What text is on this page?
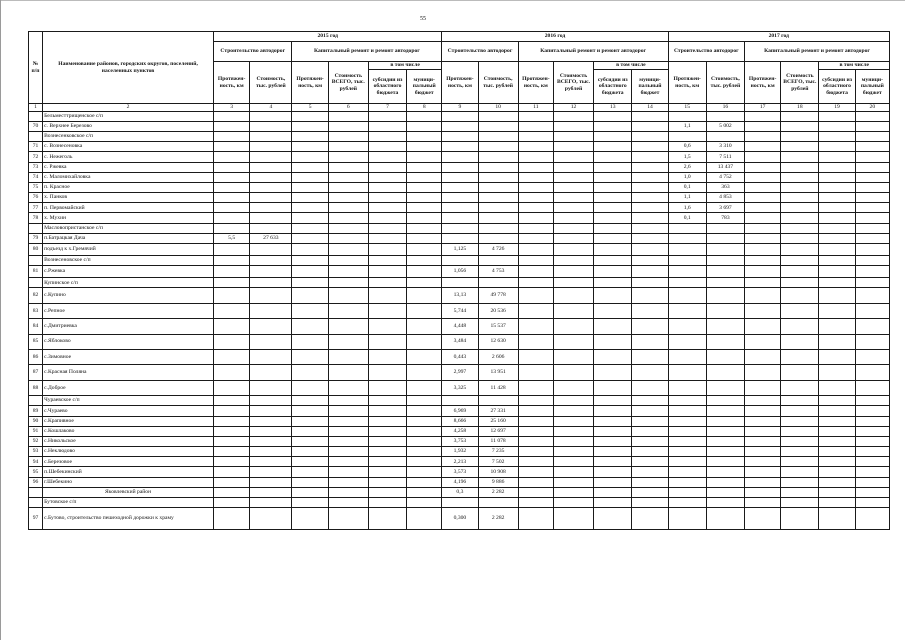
55
№ п/п	Наименование районов, городских округов, поселений, населенных пунктов	2015 год						2016 год						2017 год					
		Строительство автодорог		Капитальный ремонт и ремонт автодорог				Строительство автодорог		Капитальный ремонт и ремонт автодорог				Строительство автодорог		Капитальный ремонт и ремонт автодорог			
		Протяжен-ность, км	Стоимость, тыс. рублей	Протяжен-ность, км	Стоимость ВСЕГО, тыс. рублей	в том числе		Протяжен-ность, км	Стоимость, тыс. рублей	Протяжен-ность, км	Стоимость ВСЕГО, тыс. рублей	в том числе		Протяжен-ность, км	Стоимость, тыс. рублей	Протяжен-ность, км	Стоимость ВСЕГО, тыс. рублей	в том числе	
						субсидии из областного бюджета	муници-пальный бюджет					субсидии из областного бюджета	муници-пальный бюджет					субсидии из областного бюджета	муници-пальный бюджет
1	2	3	4	5	6	7	8	9	10	11	12	13	14	15	16	17	18	19	20
	Бельместтрищенское с/п																		
70	с. Верхнее Березово													1,1	5 002				
	Вознесенковское с/п																		
71	с. Вознесеновка													0,6	3 310				
72	с. Нежеголь													1,5	7 511				
73	с. Ржевка													2,6	13 437				
74	с. Маломихайловка													1,0	4 752				
75	п. Красное													0,1	363				
76	х. Панков													1,1	4 853				
77	п. Первомайский													1,6	3 697				
78	х. Мухин													0,1	783				
	Масловопристанское с/п																		
79	п.Батрацкая Дача	5,5	27 633																
80	подъезд к х.Гремячий							1,125	4 726										
	Вознесеновское с/п																		
81	с.Ржевка							1,056	4 753										
	Купинское с/п																		
82	с.Купино							13,13	49 778										
83	с.Репное							5,744	20 536										
84	с.Дмитриевка							4,448	15 537										
85	с.Яблоково							3,484	12 630										
86	с.Зимовное							0,443	2 606										
87	с.Красная Поляна							2,997	13 951										
88	с.Доброе							3,325	11 428										
	Чураевское с/п																		
89	с.Чураево							6,969	27 331										
90	с.Крапивное							8,666	25 160										
91	с.Кошлаково							4,258	12 697										
92	с.Никольское							3,753	11 078										
93	с.Неклюдово							1,932	7 235										
94	с.Березовое							2,213	7 502										
95	п.Шебекинский							3,573	10 908										
96	г.Шебекино							4,196	9 886										
	Яковлевский район							0,3	2 282										
	Бутовское с/п																		
97	с.Бутово, строительство пешеходной дорожки к храму							0,300	2 282										
